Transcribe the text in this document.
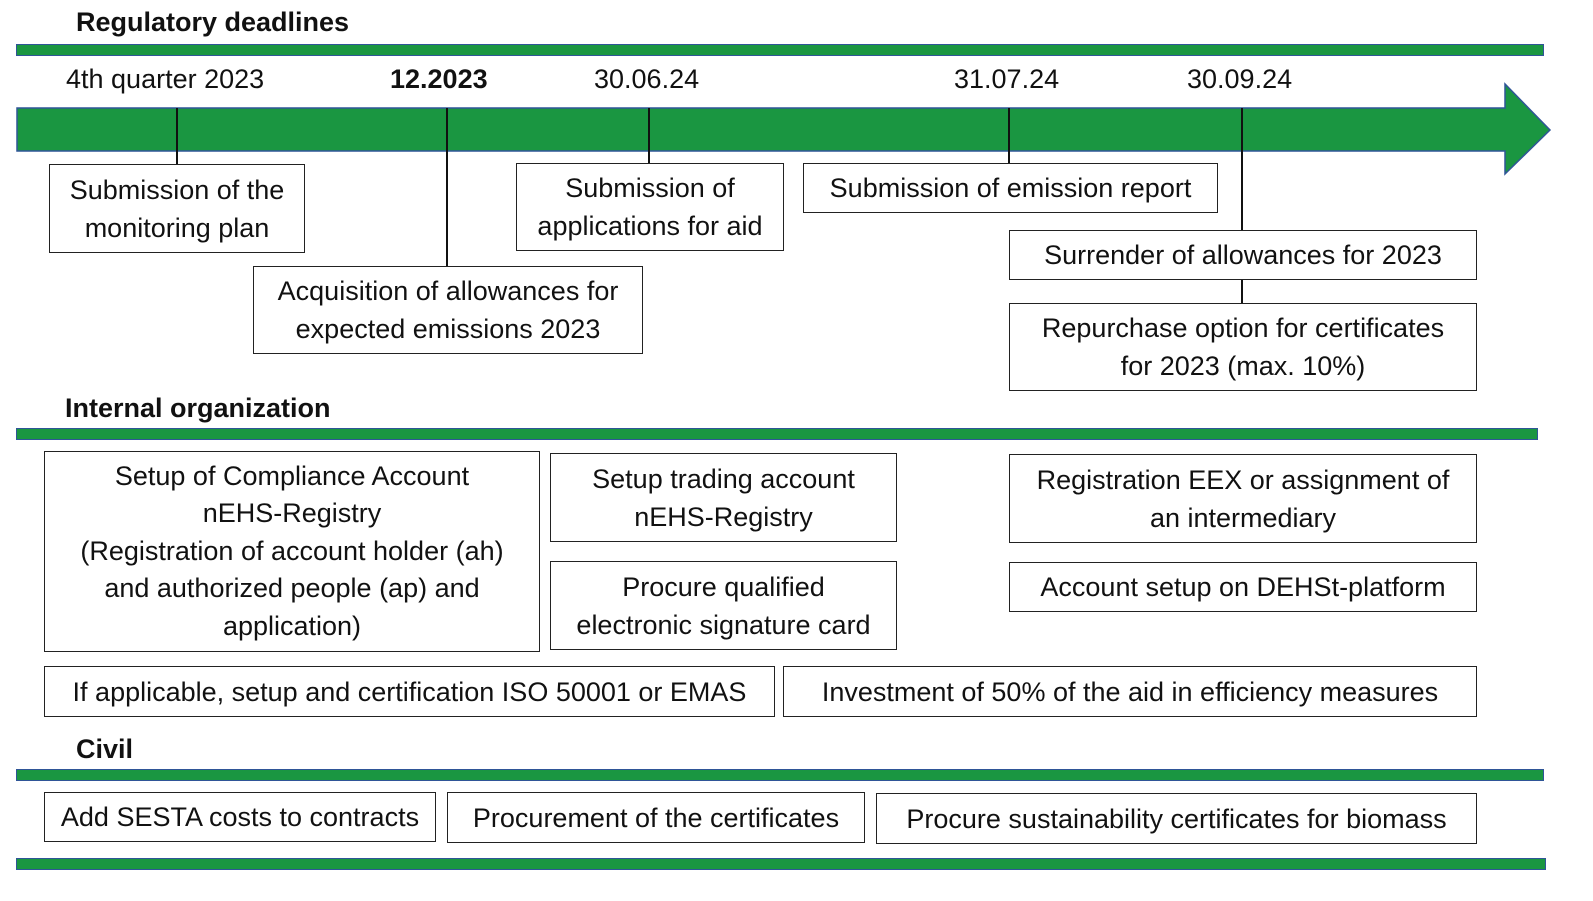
Regulatory deadlines
4th quarter 2023	12.2023	30.06.24	31.07.24	30.09.24
Submission of the
monitoring plan
Acquisition of allowances for
expected emissions 2023
Submission of
applications for aid
Submission of emission report
Surrender of allowances for 2023
Repurchase option for certificates
for 2023 (max. 10%)
Internal organization
Setup of Compliance Account
nEHS-Registry
(Registration of account holder (ah)
and authorized people (ap) and
application)
Setup trading account
nEHS-Registry
Procure qualified
electronic signature card
Registration EEX or assignment of
an intermediary
Account setup on DEHSt-platform
If applicable, setup and certification ISO 50001 or EMAS	Investment of 50% of the aid in efficiency measures
Civil
Add SESTA costs to contracts Procurement of the certificates Procure sustainability certificates for biomass
